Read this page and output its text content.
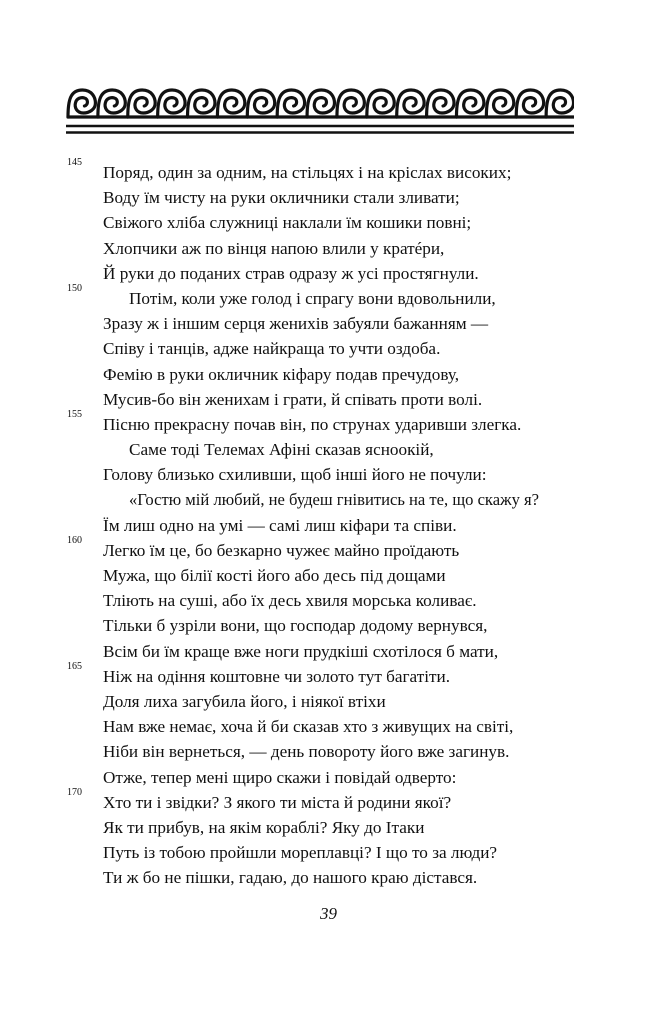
145
Поряд, один за одним, на стільцях і на кріслах високих;
Воду їм чисту на руки окличники стали зливати;
Свіжого хліба служниці наклали їм кошики повні;
Хлопчики аж по вінця напою влили у кратéри,
Й руки до поданих страв одразу ж усі простягнули.
150
Потім, коли уже голод і спрагу вони вдовольнили,
Зразу ж і іншим серця женихів забуяли бажанням —
Співу і танців, адже найкраща то учти оздоба.
Фемію в руки окличник кіфару подав пречудову,
Мусив-бо він женихам і грати, й співать проти волі.
155
Пісню прекрасну почав він, по струнах ударивши злегка.
Саме тоді Телемах Афіні сказав ясноокій,
Голову близько схиливши, щоб інші його не почули:
«Гостю мій любий, не будеш гнівитись на те, що скажу я?
Їм лиш одно на умі — самі лиш кіфари та співи.
160
Легко їм це, бо безкарно чужеє майно проїдають
Мужа, що білії кості його або десь під дощами
Тліють на суші, або їх десь хвиля морська коливає.
Тільки б узріли вони, що господар додому вернувся,
Всім би їм краще вже ноги прудкіші схотілося б мати,
165
Ніж на одіння коштовне чи золото тут багатіти.
Доля лиха загубила його, і ніякої втіхи
Нам вже немає, хоча й би сказав хто з живущих на світі,
Ніби він вернеться, — день повороту його вже загинув.
Отже, тепер мені щиро скажи і повідай одверто:
170
Хто ти і звідки? З якого ти міста й родини якої?
Як ти прибув, на якім кораблі? Яку до Ітаки
Путь із тобою пройшли мореплавці? І що то за люди?
Ти ж бо не пішки, гадаю, до нашого краю дістався.
39
